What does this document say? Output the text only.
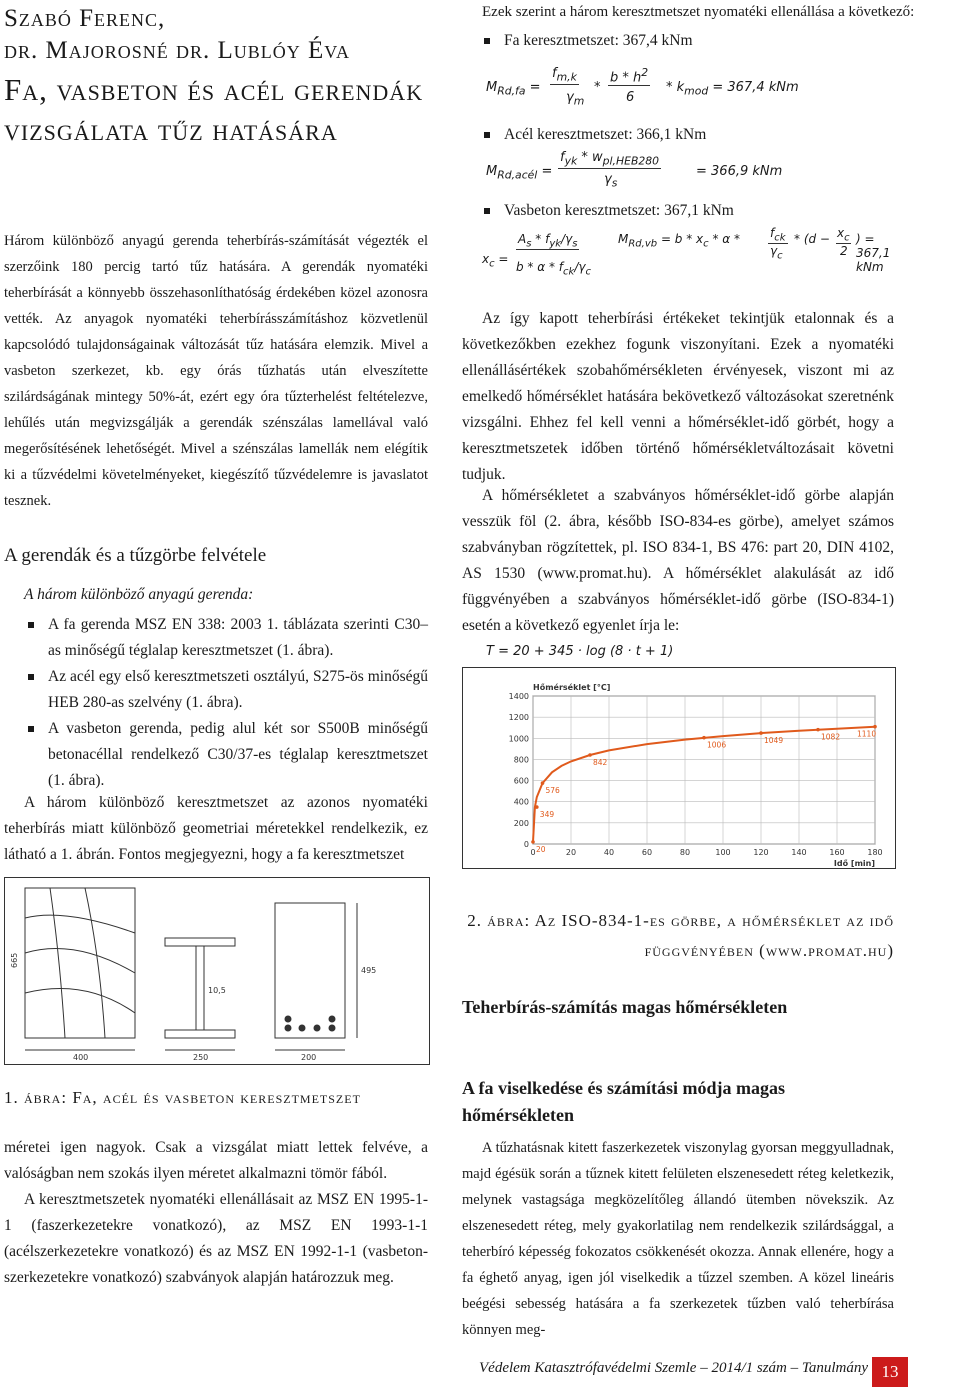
Szabó Ferenc,
dr. Majorosné dr. Lublóy Éva
Fa, vasbeton és acél gerendák vizsgálata tűz hatására

Három különböző anyagú gerenda teherbírás-számítását végezték el szerzőink 180 percig tartó tűz hatására. A gerendák nyomatéki teherbírását a könnyebb összehasonlíthatóság érdekében közel azonosra vették. Az anyagok nyomatéki teherbírásszámításhoz közvetlenül kapcsolódó tulajdonságainak változását tűz hatására elemzik. Mivel a vasbeton szerkezet, kb. egy órás tűzhatás után elveszítette szilárdságának mintegy 50%-át, ezért egy óra tűzterhelést feltételezve, lehűlés után megvizsgálják a gerendák szénszálas lamellával való megerősítésének lehetőségét. Mivel a szénszálas lamellák nem elégítik ki a tűzvédelmi követelményeket, kiegészítő tűzvédelemre is javaslatot tesznek.

A gerendák és a tűzgörbe felvétele
A három különböző anyagú gerenda:
A fa gerenda MSZ EN 338: 2003 1. táblázata szerinti C30–as minőségű téglalap keresztmetszet (1. ábra).
Az acél egy első keresztmetszeti osztályú, S275-ös minőségű HEB 280-as szelvény (1. ábra).
A vasbeton gerenda, pedig alul két sor S500B minőségű betonacéllal rendelkező C30/37-es téglalap keresztmetszet (1. ábra).

A három különböző keresztmetszet az azonos nyomatéki teherbírás miatt különböző geometriai méretekkel rendelkezik, ez látható a 1. ábrán. Fontos megjegyezni, hogy a fa keresztmetszet

665
400	250	200
495
10,5
1. ábra: Fa, acél és vasbeton keresztmetszet

méretei igen nagyok. Csak a vizsgálat miatt lettek felvéve, a valóságban nem szokás ilyen méretet alkalmazni tömör fából.

A keresztmetszetek nyomatéki ellenállásait az MSZ EN 1995-1-1 (faszerkezetekre vonatkozó), az MSZ EN 1993-1-1 (acélszerkezetekre vonatkozó) és az MSZ EN 1992-1-1 (vasbeton-szerkezetekre vonatkozó) szabványok alapján határozzuk meg.

Ezek szerint a három keresztmetszet nyomatéki ellenállása a következő:
Fa keresztmetszet: 367,4 kNm
$M_{Rd,fa}$ =
$f_{m,k}$
$\gamma_m$
*
b * $h^2$
6
* $k_{mod} = 367,4$ kNm
Acél keresztmetszet: 366,1 kNm
$M_{Rd,acél}$ =
$f_{yk} * w_{pl,HEB280}$
$\gamma_s$
= 366,9 kNm
Vasbeton keresztmetszet: 367,1 kNm
$x_c$ =
$A_s * f_{yk}/\gamma_s$
b * α * $f_{ck}/\gamma_c$
$M_{Rd,vb} = b * x_c * \alpha * f_{ck}$
$\gamma_c$
* ($d - x_c$
2
) = 367,1 kNm

Az így kapott teherbírási értékeket tekintjük etalonnak és a következőkben ezekhez fogunk viszonyítani. Ezek a nyomatéki ellenállásértékek szobahőmérsékleten érvényesek, viszont mi az emelkedő hőmérséklet hatására bekövetkező változásokat szeretnénk vizsgálni. Ehhez fel kell venni a hőmérséklet-idő görbét, hogy a keresztmetszetek időben történő hőmérsékletváltozásait követni tudjuk.

A hőmérsékletet a szabványos hőmérséklet-idő görbe alapján vesszük föl (2. ábra, később ISO-834-es görbe), amelyet számos szabványban rögzítettek, pl. ISO 834-1, BS 476: part 20, DIN 4102, AS 1530 (www.promat.hu). A hőmérséklet alakulását az idő függvényében a szabványos hőmérséklet-idő görbe (ISO-834-1) esetén a következő egyenlet írja le:

T = 20 + 345 · log (8 · t + 1)
0
200
400
600
800
1000
1200
1400
0	20	40	60	80	100	120	140	160	180
Hőmérséklet [°C]
Idő [min]
576
349
20
842
1006
1049	1082 1110
2. ábra: Az ISO-834-1-es görbe, a hőmérséklet az idő függvényében (www.promat.hu)
Teherbírás-számítás magas hőmérsékleten
A fa viselkedése és számítási módja magas hőmérsékleten

A tűzhatásnak kitett faszerkezetek viszonylag gyorsan meggyulladnak, majd égésük során a tűznek kitett felületen elszenesedett réteg keletkezik, melynek vastagsága megközelítőleg állandó ütemben növekszik. Az elszenesedett réteg, mely gyakorlatilag nem rendelkezik szilárdsággal, a teherbíró képesség fokozatos csökkenését okozza. Annak ellenére, hogy a fa éghető anyag, igen jól viselkedik a tűzzel szemben. A közel lineáris beégési sebesség hatására a fa szerkezetek tűzben való teherbírása könnyen meg-

Védelem Katasztrófavédelmi Szemle – 2014/1 szám – Tanulmány 13
